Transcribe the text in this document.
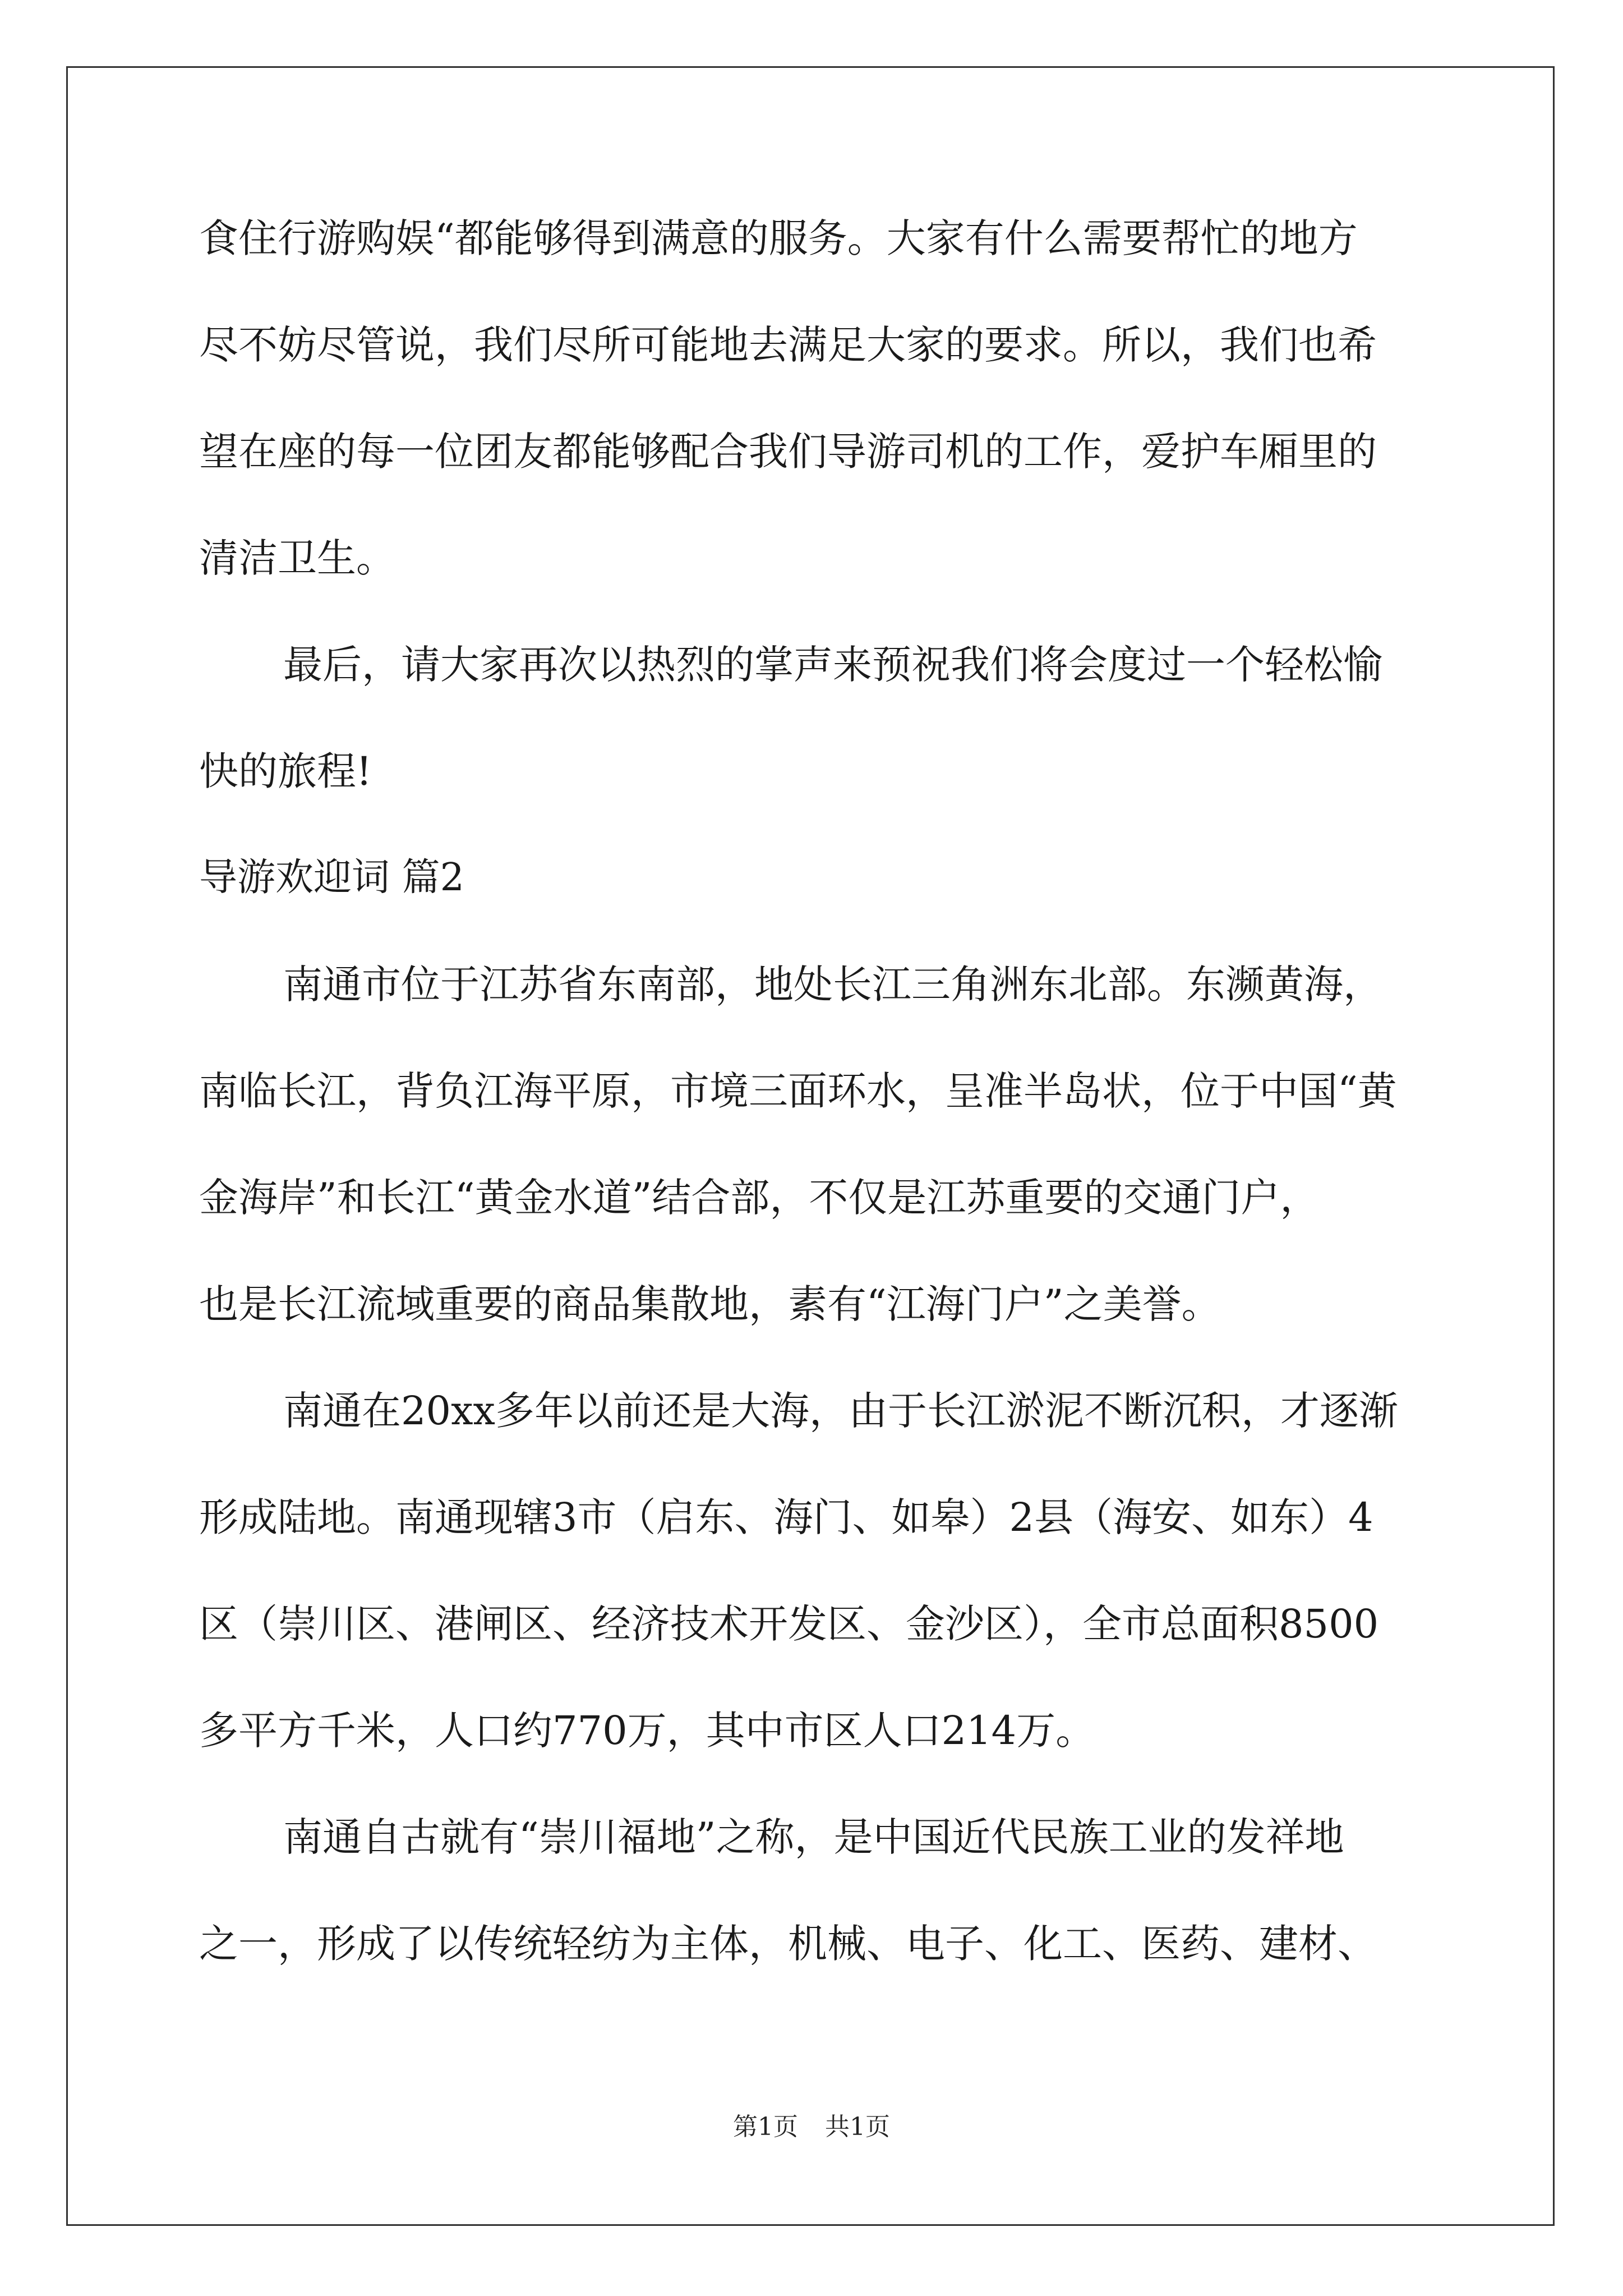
食住行游购娱“都能够得到满意的服务。大家有什么需要帮忙的地方
尽不妨尽管说，我们尽所可能地去满足大家的要求。所以，我们也希
望在座的每一位团友都能够配合我们导游司机的工作，爱护车厢里的
清洁卫生。
最后，请大家再次以热烈的掌声来预祝我们将会度过一个轻松愉
快的旅程!
导游欢迎词 篇2
南通市位于江苏省东南部，地处长江三角洲东北部。东濒黄海，
南临长江，背负江海平原，市境三面环水，呈准半岛状，位于中国“黄
金海岸”和长江“黄金水道”结合部，不仅是江苏重要的交通门户，
也是长江流域重要的商品集散地，素有“江海门户”之美誉。
南通在20xx多年以前还是大海，由于长江淤泥不断沉积，才逐渐
形成陆地。南通现辖3市（启东、海门、如皋）2县（海安、如东）4
区（崇川区、港闸区、经济技术开发区、金沙区），全市总面积8500
多平方千米，人口约770万，其中市区人口214万。
南通自古就有“崇川福地”之称，是中国近代民族工业的发祥地
之一，形成了以传统轻纺为主体，机械、电子、化工、医药、建材、
第1页 共1页
